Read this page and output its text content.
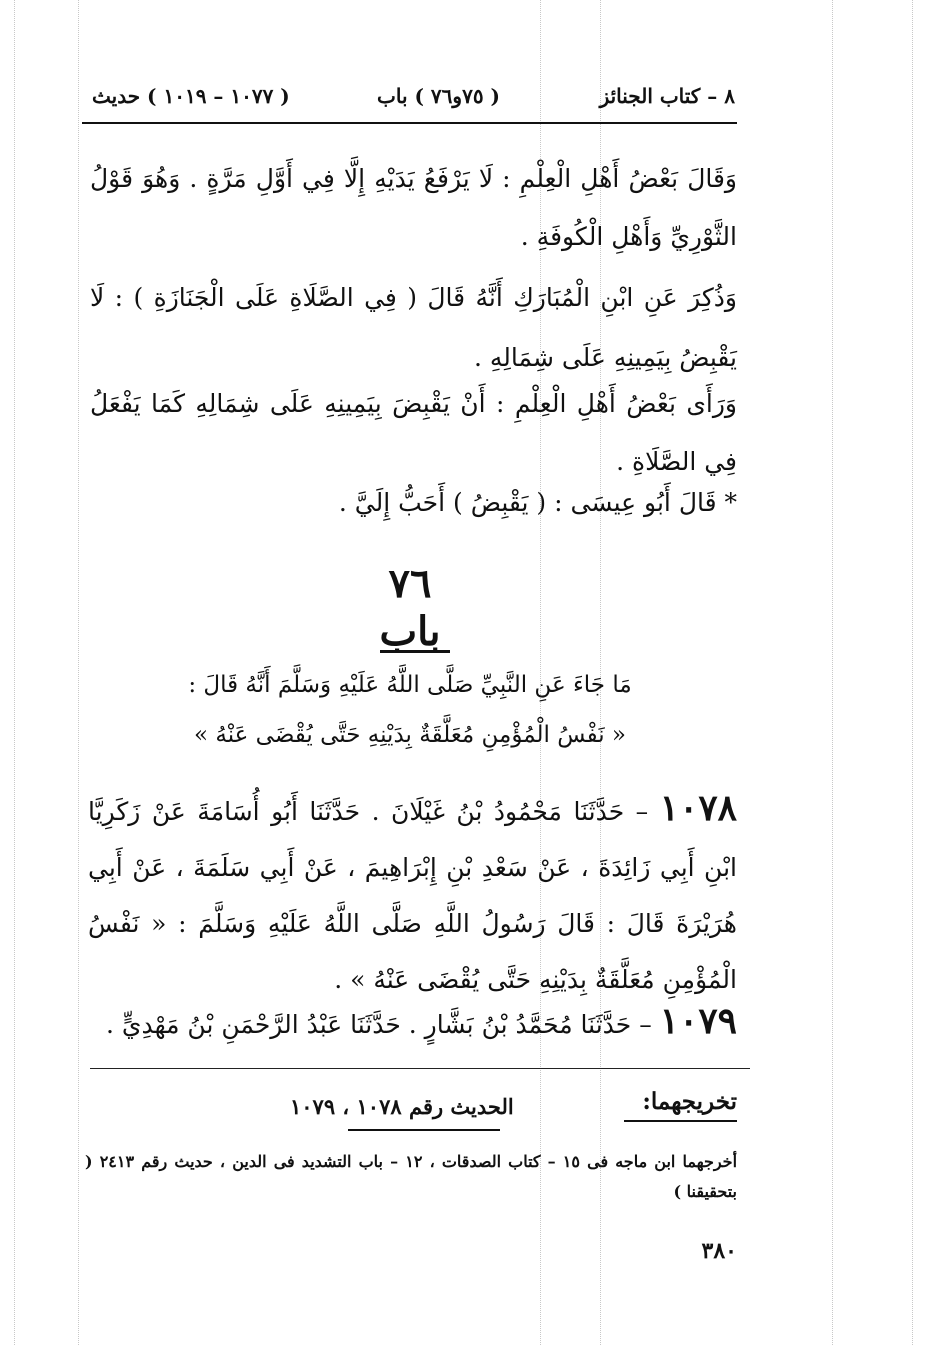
٨ – كتاب الجنائز
( ٧٥و٧٦ ) باب
( ١٠٧٧ – ١٠١٩ ) حديث
وَقَالَ بَعْضُ أَهْلِ الْعِلْمِ : لَا يَرْفَعُ يَدَيْهِ إِلَّا فِي أَوَّلِ مَرَّةٍ . وَهُوَ قَوْلُ الثَّوْرِيِّ وَأَهْلِ الْكُوفَةِ .
وَذُكِرَ عَنِ ابْنِ الْمُبَارَكِ أَنَّهُ قَالَ ( فِي الصَّلَاةِ عَلَى الْجَنَازَةِ ) : لَا يَقْبِضُ بِيَمِينِهِ عَلَى شِمَالِهِ .
وَرَأَى بَعْضُ أَهْلِ الْعِلْمِ : أَنْ يَقْبِضَ بِيَمِينِهِ عَلَى شِمَالِهِ كَمَا يَفْعَلُ فِي الصَّلَاةِ .
* قَالَ أَبُو عِيسَى : ( يَقْبِضُ ) أَحَبُّ إِلَيَّ .
٧٦
باب
مَا جَاءَ عَنِ النَّبِيِّ صَلَّى اللَّهُ عَلَيْهِ وَسَلَّمَ أَنَّهُ قَالَ :
« نَفْسُ الْمُؤْمِنِ مُعَلَّقَةٌ بِدَيْنِهِ حَتَّى يُقْضَى عَنْهُ »
١٠٧٨ – حَدَّثَنَا مَحْمُودُ بْنُ غَيْلَانَ . حَدَّثَنَا أَبُو أُسَامَةَ عَنْ زَكَرِيَّا ابْنِ أَبِي زَائِدَةَ ، عَنْ سَعْدِ بْنِ إِبْرَاهِيمَ ، عَنْ أَبِي سَلَمَةَ ، عَنْ أَبِي هُرَيْرَةَ قَالَ : قَالَ رَسُولُ اللَّهِ صَلَّى اللَّهُ عَلَيْهِ وَسَلَّمَ : « نَفْسُ الْمُؤْمِنِ مُعَلَّقَةٌ بِدَيْنِهِ حَتَّى يُقْضَى عَنْهُ » .
١٠٧٩ – حَدَّثَنَا مُحَمَّدُ بْنُ بَشَّارٍ . حَدَّثَنَا عَبْدُ الرَّحْمَنِ بْنُ مَهْدِيٍّ .
تخريجهما:
الحديث رقم ١٠٧٨ ، ١٠٧٩
أخرجهما ابن ماجه فى ١٥ – كتاب الصدقات ، ١٢ – باب التشديد فى الدين ، حديث رقم ٢٤١٣ ( بتحقيقنا )
٣٨٠
